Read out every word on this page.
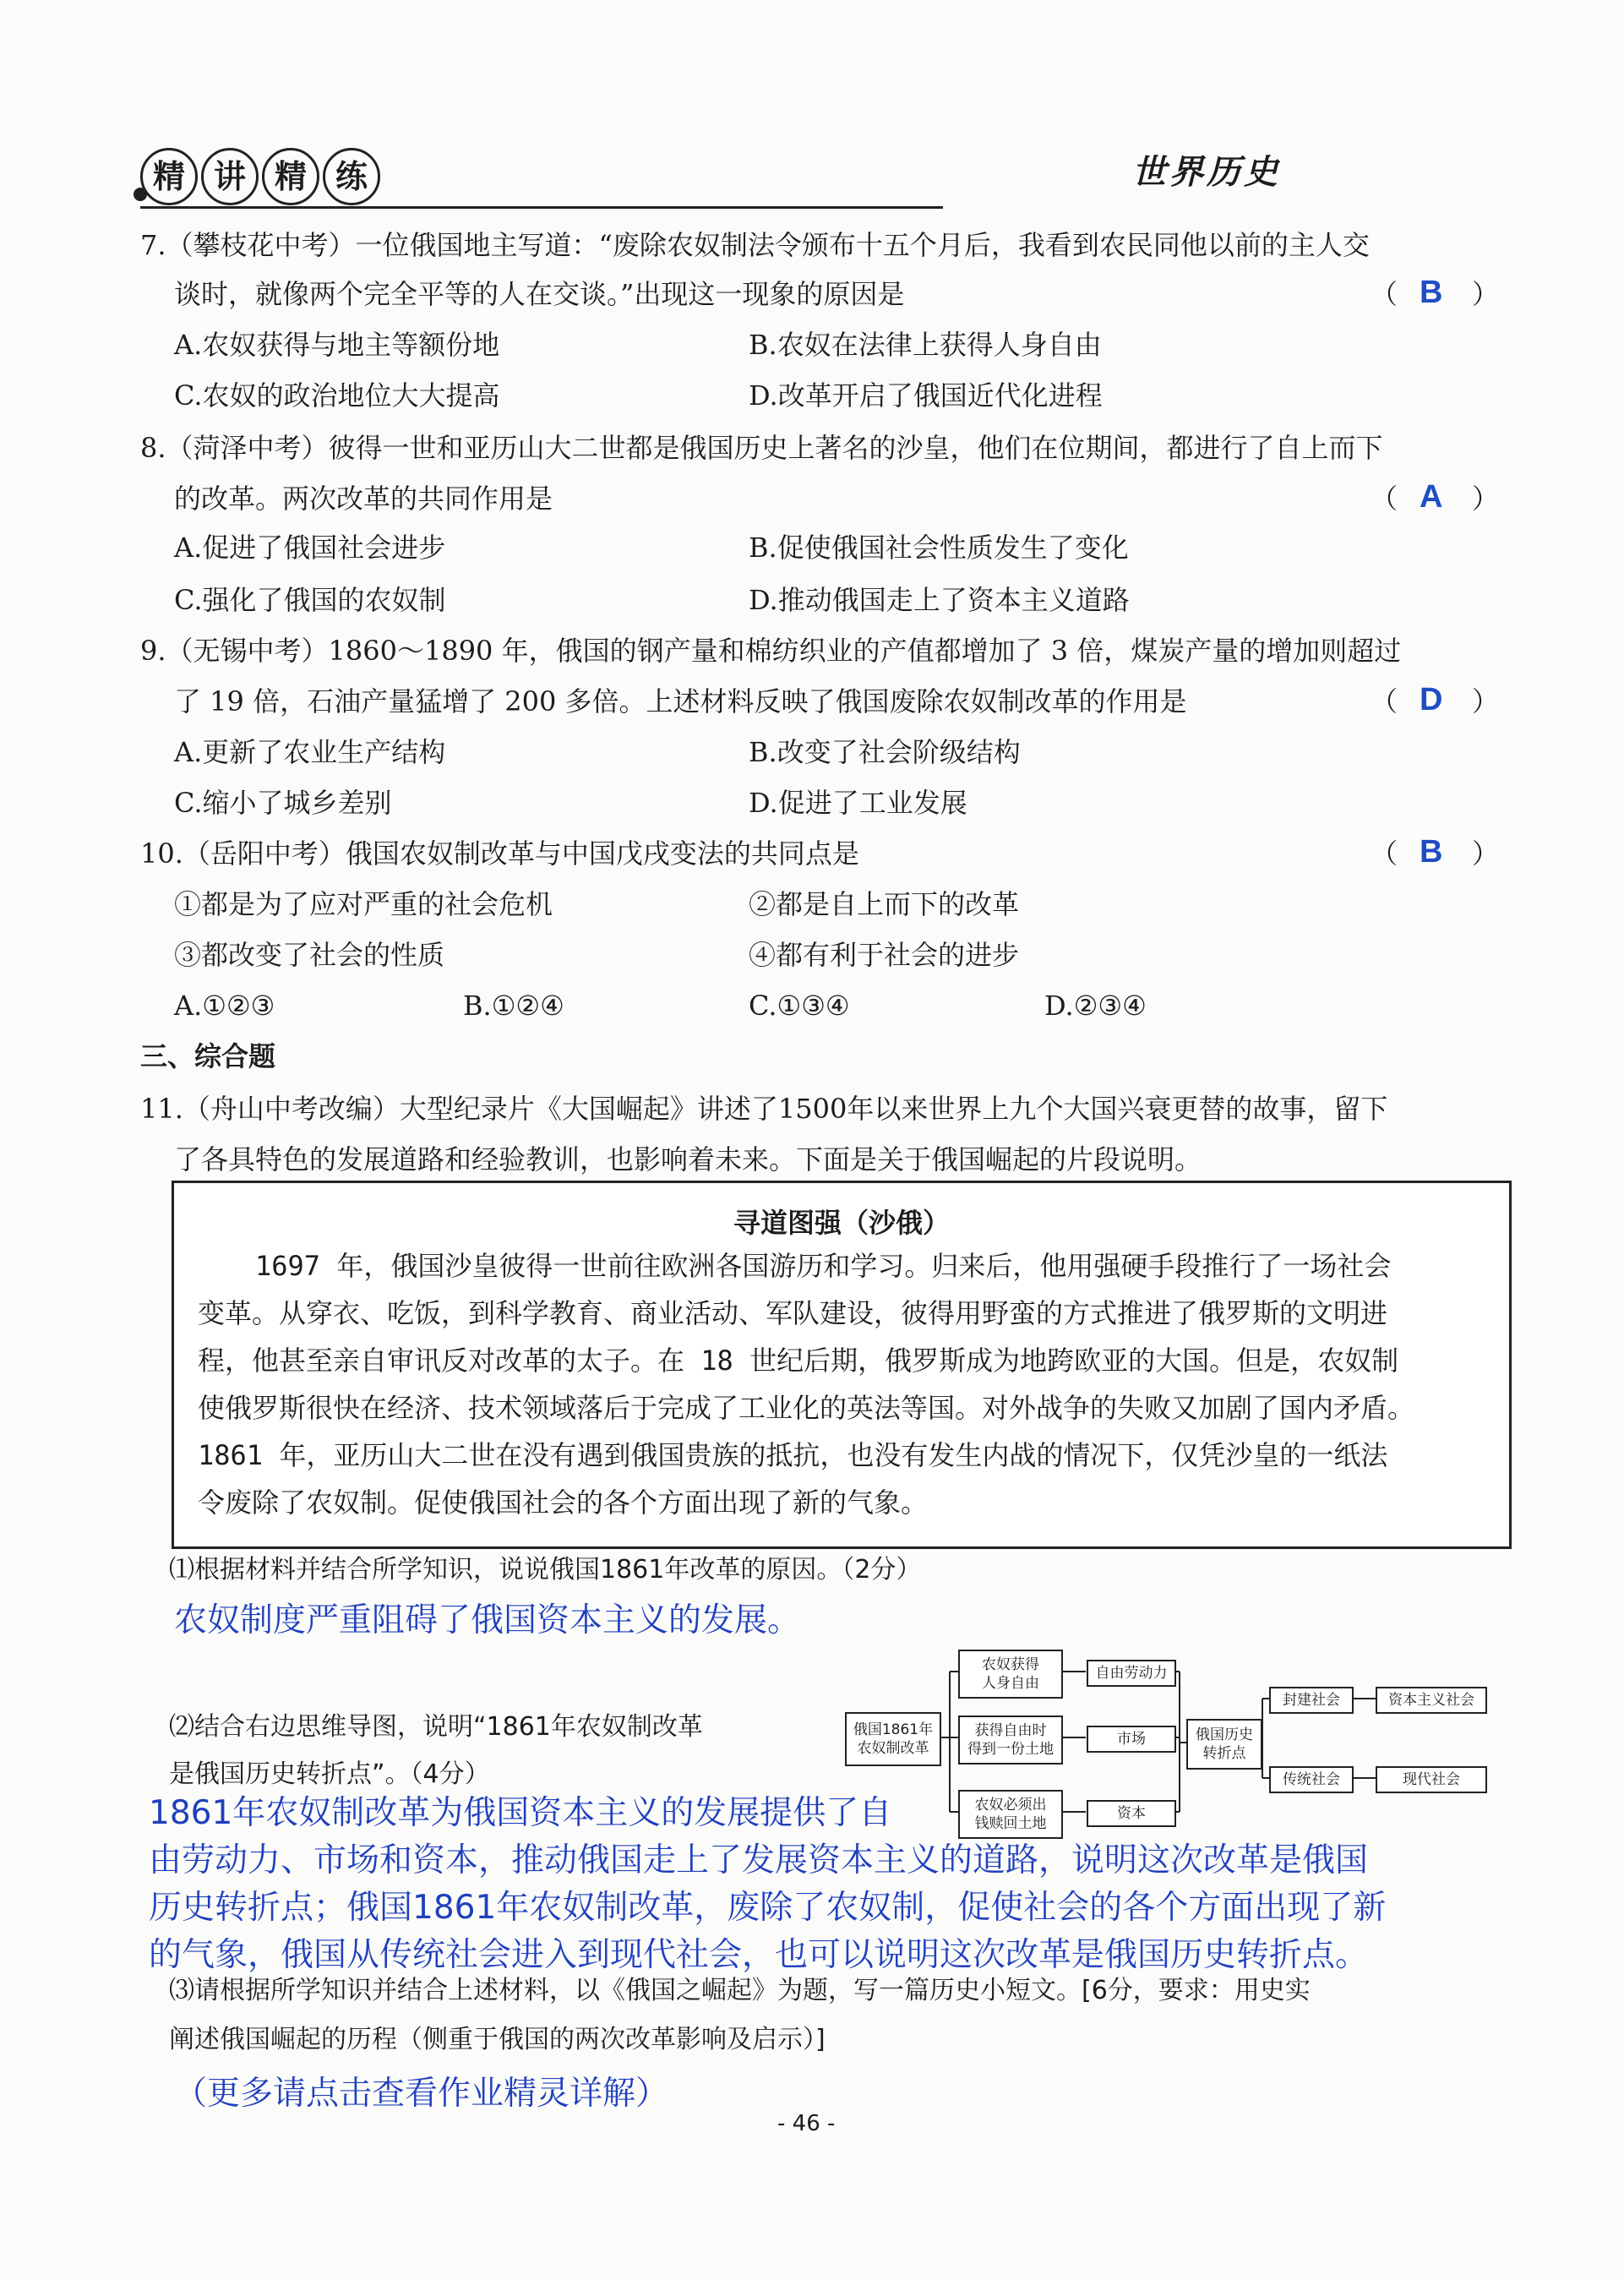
精 讲 精 练	世界历史
7.（攀枝花中考）一位俄国地主写道：“废除农奴制法令颁布十五个月后，我看到农民同他以前的主人交
谈时，就像两个完全平等的人在交谈。”出现这一现象的原因是	（ B ）
A.农奴获得与地主等额份地	B.农奴在法律上获得人身自由
C.农奴的政治地位大大提高	D.改革开启了俄国近代化进程
8.（菏泽中考）彼得一世和亚历山大二世都是俄国历史上著名的沙皇，他们在位期间，都进行了自上而下
的改革。两次改革的共同作用是	（ A ）
A.促进了俄国社会进步	B.促使俄国社会性质发生了变化
C.强化了俄国的农奴制	D.推动俄国走上了资本主义道路
9.（无锡中考）1860～1890 年，俄国的钢产量和棉纺织业的产值都增加了 3 倍，煤炭产量的增加则超过
了 19 倍，石油产量猛增了 200 多倍。上述材料反映了俄国废除农奴制改革的作用是	（ D ）
A.更新了农业生产结构	B.改变了社会阶级结构
C.缩小了城乡差别	D.促进了工业发展
10.（岳阳中考）俄国农奴制改革与中国戊戌变法的共同点是	（ B ）
①都是为了应对严重的社会危机	②都是自上而下的改革
③都改变了社会的性质	④都有利于社会的进步
A.①②③	B.①②④	C.①③④	D.②③④
三、综合题
11.（舟山中考改编）大型纪录片《大国崛起》讲述了1500年以来世界上九个大国兴衰更替的故事，留下
了各具特色的发展道路和经验教训，也影响着未来。下面是关于俄国崛起的片段说明。
寻道图强（沙俄）
1697 年，俄国沙皇彼得一世前往欧洲各国游历和学习。归来后，他用强硬手段推行了一场社会
变革。从穿衣、吃饭，到科学教育、商业活动、军队建设，彼得用野蛮的方式推进了俄罗斯的文明进
程，他甚至亲自审讯反对改革的太子。在 18 世纪后期，俄罗斯成为地跨欧亚的大国。但是，农奴制
使俄罗斯很快在经济、技术领域落后于完成了工业化的英法等国。对外战争的失败又加剧了国内矛盾。
1861 年，亚历山大二世在没有遇到俄国贵族的抵抗，也没有发生内战的情况下，仅凭沙皇的一纸法
令废除了农奴制。促使俄国社会的各个方面出现了新的气象。
⑴根据材料并结合所学知识，说说俄国1861年改革的原因。（2分）
农奴制度严重阻碍了俄国资本主义的发展。
⑵结合右边思维导图，说明“1861年农奴制改革
是俄国历史转折点”。（4分）
1861年农奴制改革为俄国资本主义的发展提供了自
由劳动力、市场和资本，推动俄国走上了发展资本主义的道路，说明这次改革是俄国
历史转折点；俄国1861年农奴制改革，废除了农奴制，促使社会的各个方面出现了新
的气象，俄国从传统社会进入到现代社会，也可以说明这次改革是俄国历史转折点。
⑶请根据所学知识并结合上述材料，以《俄国之崛起》为题，写一篇历史小短文。[6分，要求：用史实
阐述俄国崛起的历程（侧重于俄国的两次改革影响及启示）]
（更多请点击查看作业精灵详解）
俄国1861年
农奴制改革
农奴获得
人身自由
获得自由时
得到一份土地
农奴必须出
钱赎回土地
自由劳动力
市场
资本
俄国历史
转折点
封建社会
传统社会
资本主义社会
现代社会
- 46 -
